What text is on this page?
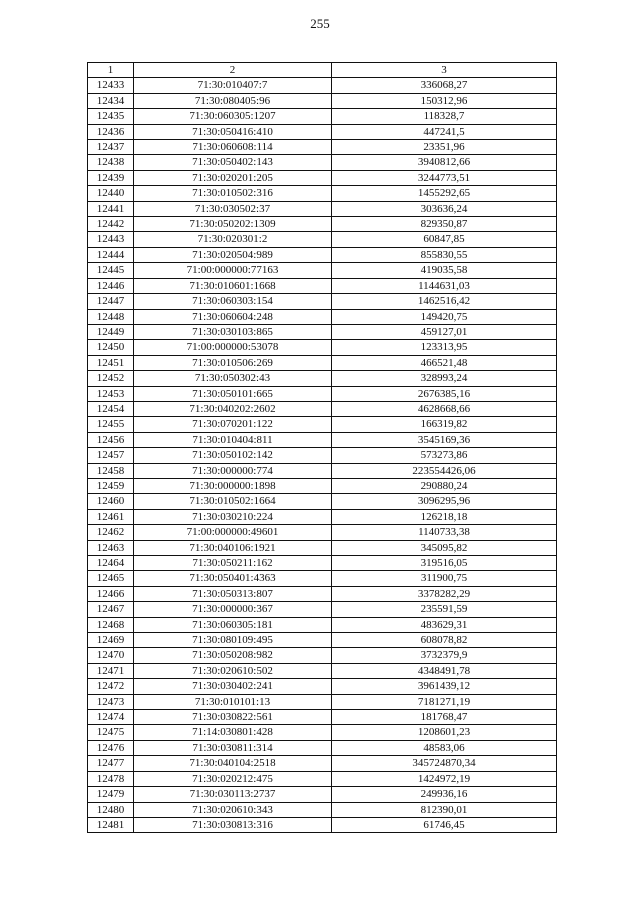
255
1	2	3
12433	71:30:010407:7	336068,27
12434	71:30:080405:96	150312,96
12435	71:30:060305:1207	118328,7
12436	71:30:050416:410	447241,5
12437	71:30:060608:114	23351,96
12438	71:30:050402:143	3940812,66
12439	71:30:020201:205	3244773,51
12440	71:30:010502:316	1455292,65
12441	71:30:030502:37	303636,24
12442	71:30:050202:1309	829350,87
12443	71:30:020301:2	60847,85
12444	71:30:020504:989	855830,55
12445	71:00:000000:77163	419035,58
12446	71:30:010601:1668	1144631,03
12447	71:30:060303:154	1462516,42
12448	71:30:060604:248	149420,75
12449	71:30:030103:865	459127,01
12450	71:00:000000:53078	123313,95
12451	71:30:010506:269	466521,48
12452	71:30:050302:43	328993,24
12453	71:30:050101:665	2676385,16
12454	71:30:040202:2602	4628668,66
12455	71:30:070201:122	166319,82
12456	71:30:010404:811	3545169,36
12457	71:30:050102:142	573273,86
12458	71:30:000000:774	223554426,06
12459	71:30:000000:1898	290880,24
12460	71:30:010502:1664	3096295,96
12461	71:30:030210:224	126218,18
12462	71:00:000000:49601	1140733,38
12463	71:30:040106:1921	345095,82
12464	71:30:050211:162	319516,05
12465	71:30:050401:4363	311900,75
12466	71:30:050313:807	3378282,29
12467	71:30:000000:367	235591,59
12468	71:30:060305:181	483629,31
12469	71:30:080109:495	608078,82
12470	71:30:050208:982	3732379,9
12471	71:30:020610:502	4348491,78
12472	71:30:030402:241	3961439,12
12473	71:30:010101:13	7181271,19
12474	71:30:030822:561	181768,47
12475	71:14:030801:428	1208601,23
12476	71:30:030811:314	48583,06
12477	71:30:040104:2518	345724870,34
12478	71:30:020212:475	1424972,19
12479	71:30:030113:2737	249936,16
12480	71:30:020610:343	812390,01
12481	71:30:030813:316	61746,45
